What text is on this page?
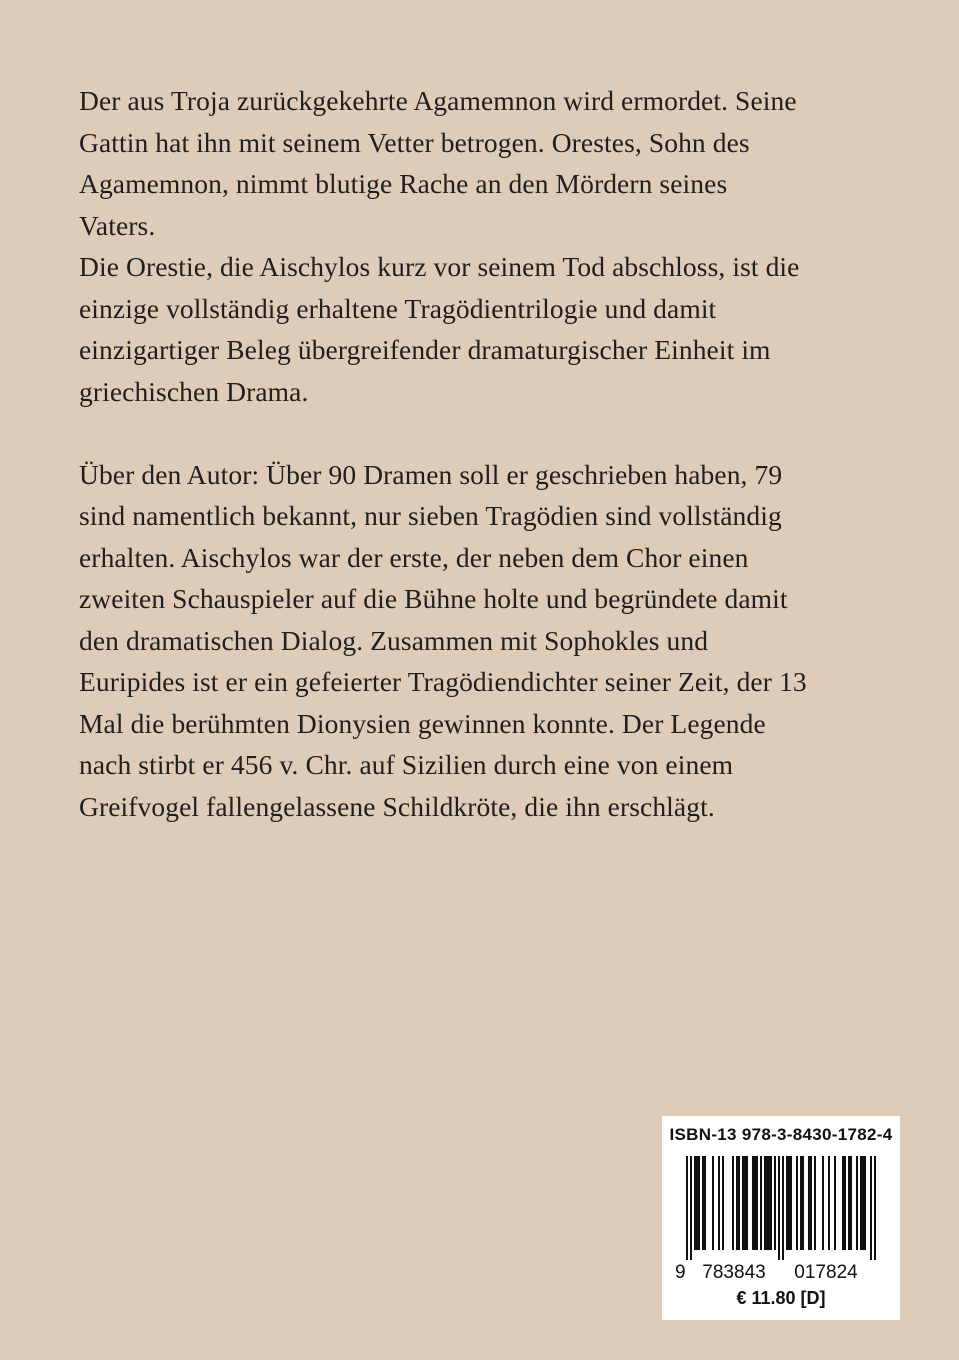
Der aus Troja zurückgekehrte Agamemnon wird ermordet. Seine
Gattin hat ihn mit seinem Vetter betrogen. Orestes, Sohn des
Agamemnon, nimmt blutige Rache an den Mördern seines
Vaters.

Die Orestie, die Aischylos kurz vor seinem Tod abschloss, ist die
einzige vollständig erhaltene Tragödientrilogie und damit
einzigartiger Beleg übergreifender dramaturgischer Einheit im
griechischen Drama.

Über den Autor: Über 90 Dramen soll er geschrieben haben, 79
sind namentlich bekannt, nur sieben Tragödien sind vollständig
erhalten. Aischylos war der erste, der neben dem Chor einen
zweiten Schauspieler auf die Bühne holte und begründete damit
den dramatischen Dialog. Zusammen mit Sophokles und
Euripides ist er ein gefeierter Tragödiendichter seiner Zeit, der 13
Mal die berühmten Dionysien gewinnen konnte. Der Legende
nach stirbt er 456 v. Chr. auf Sizilien durch eine von einem
Greifvogel fallengelassene Schildkröte, die ihn erschlägt.

ISBN-13 978-3-8430-1782-4
9 783843 017824
€ 11.80 [D]
